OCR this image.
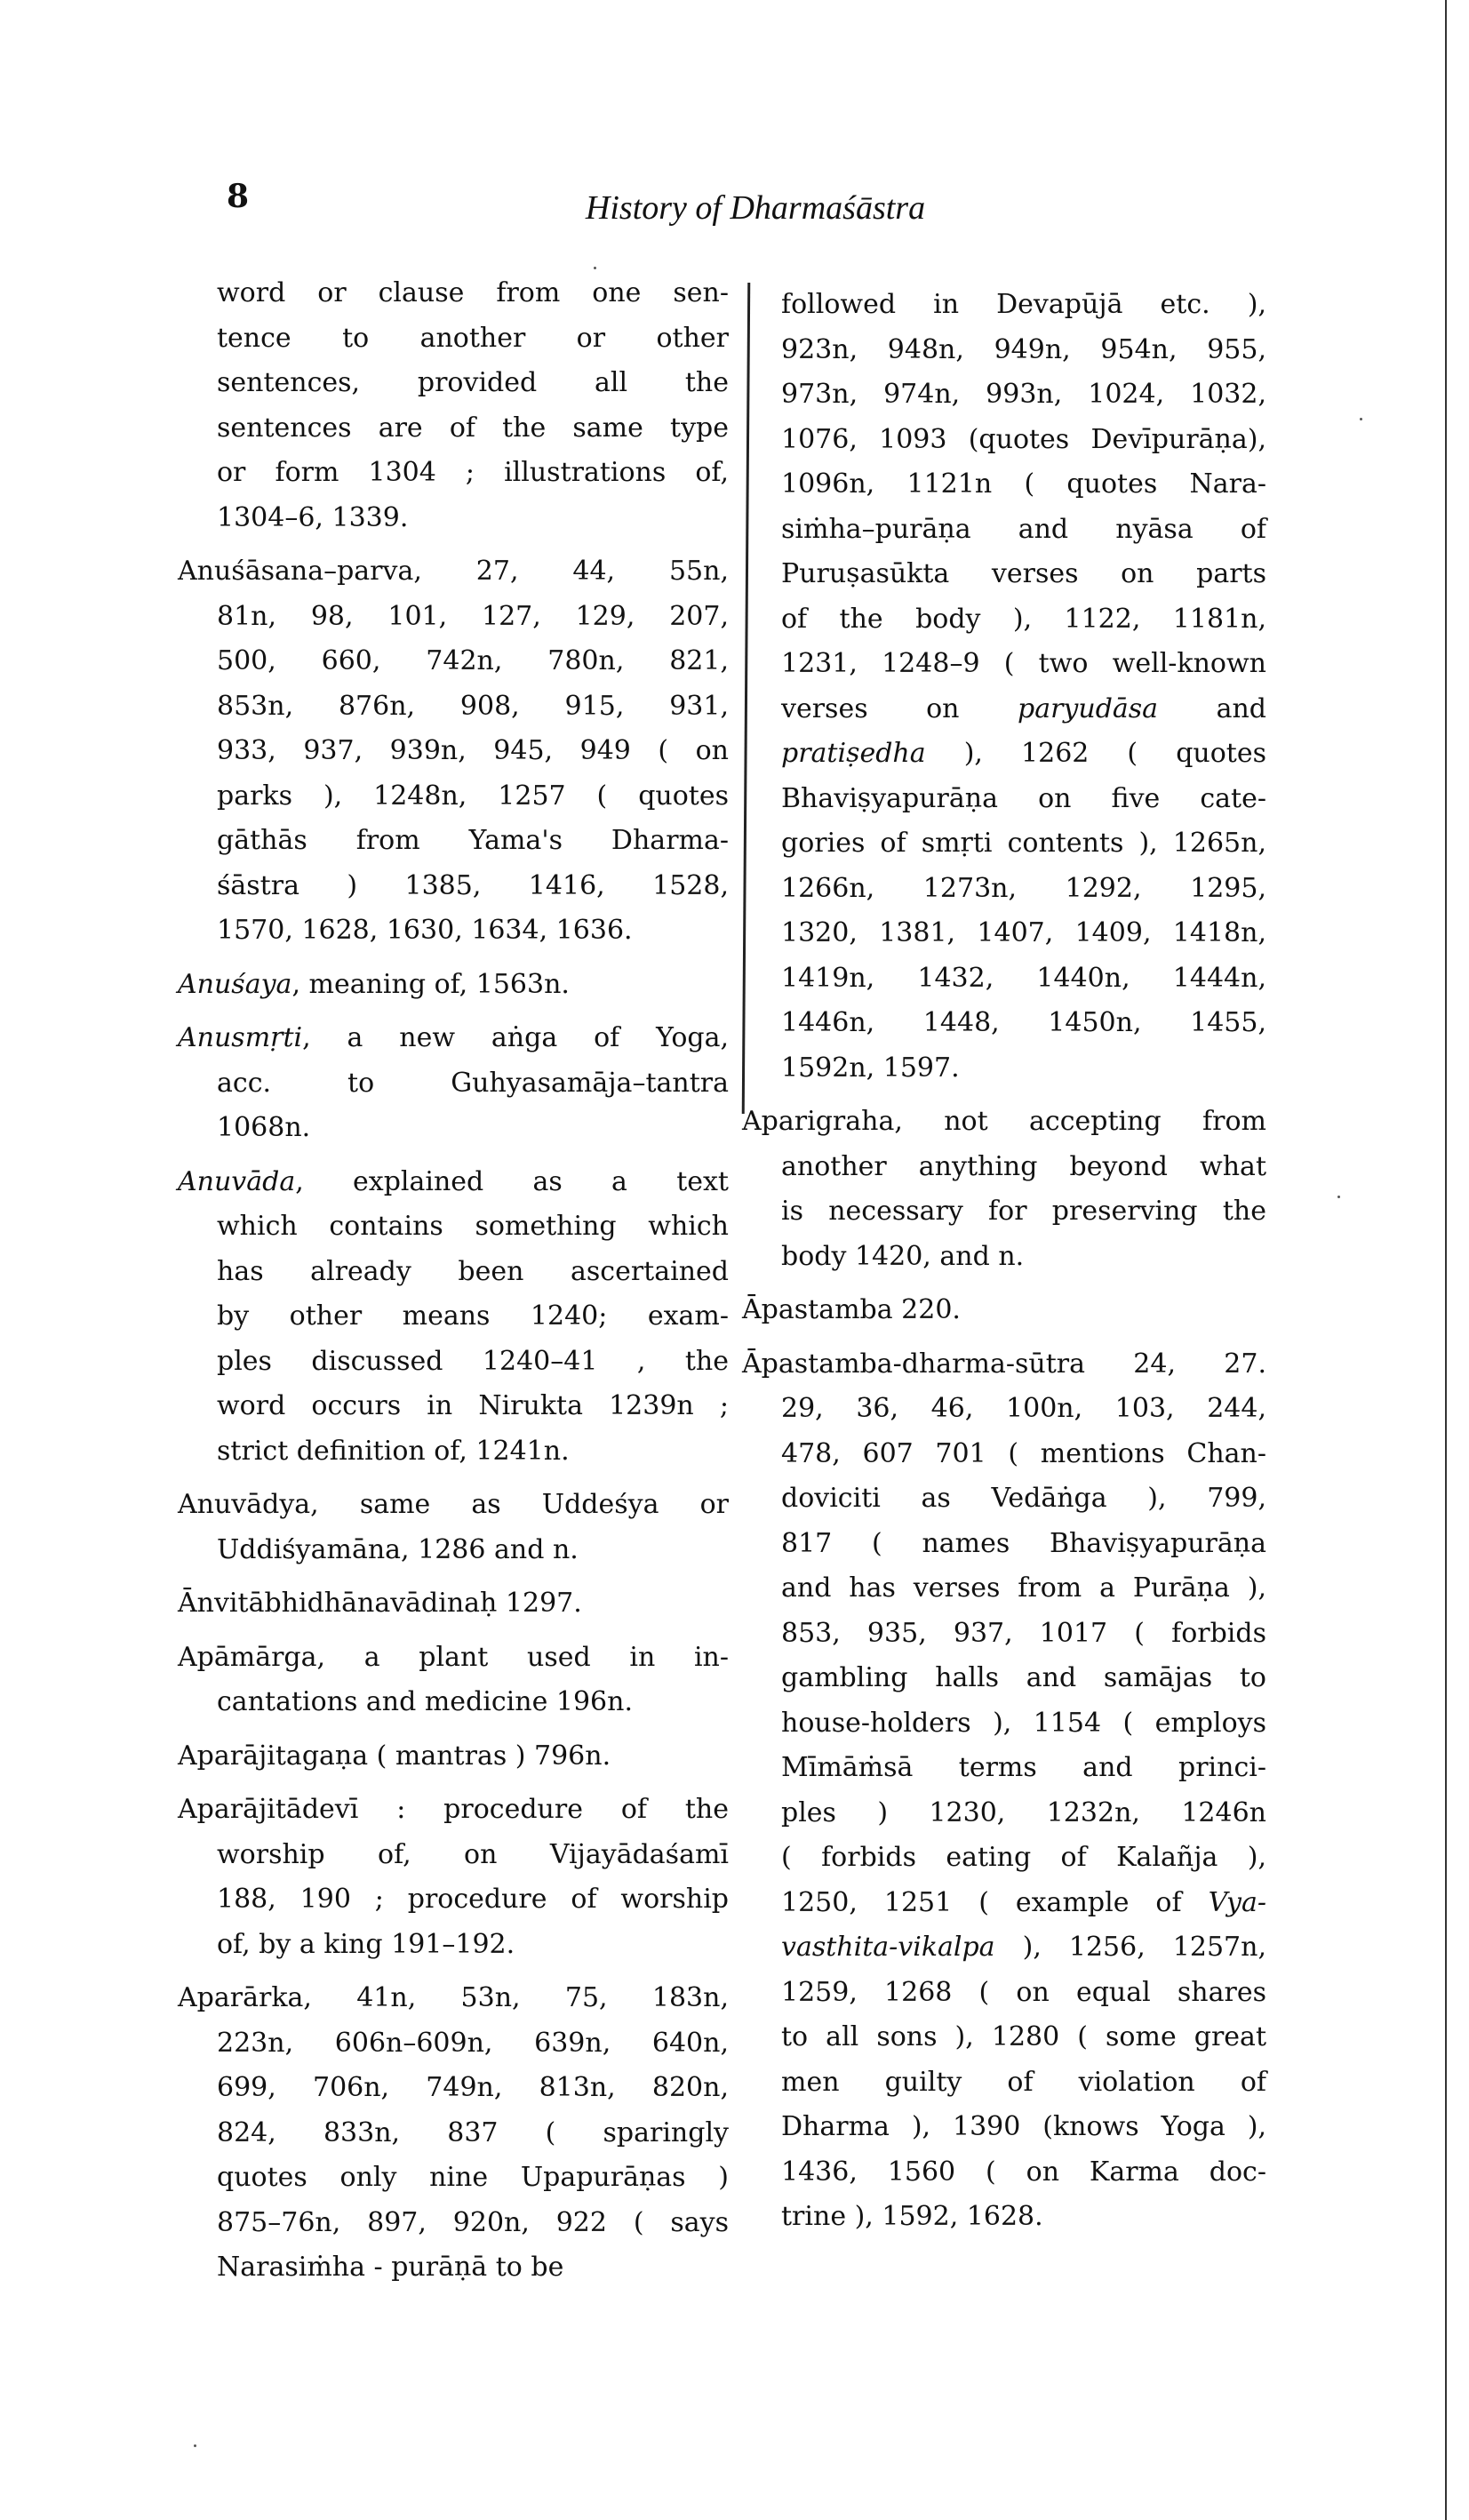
8	History of Dharmaśāstra
word or clause from one sen-
tence to another or other
sentences, provided all the
sentences are of the same type
or form 1304 ; illustrations of,
1304–6, 1339.
Anuśāsana–parva, 27, 44, 55n,
81n, 98, 101, 127, 129, 207,
500, 660, 742n, 780n, 821,
853n, 876n, 908, 915, 931,
933, 937, 939n, 945, 949 ( on
parks ), 1248n, 1257 ( quotes
gāthās from Yama's Dharma-
śāstra ) 1385, 1416, 1528,
1570, 1628, 1630, 1634, 1636.
Anuśaya, meaning of, 1563n.
Anusmṛti, a new aṅga of Yoga,
acc. to Guhyasamāja–tantra
1068n.
Anuvāda, explained as a text
which contains something which
has already been ascertained
by other means 1240; exam-
ples discussed 1240–41 , the
word occurs in Nirukta 1239n ;
strict definition of, 1241n.
Anuvādya, same as Uddeśya or
Uddiśyamāna, 1286 and n.
Ānvitābhidhānavādinaḥ 1297.
Apāmārga, a plant used in in-
cantations and medicine 196n.
Aparājitagaṇa ( mantras ) 796n.
Aparājitādevī : procedure of the
worship of, on Vijayādaśamī
188, 190 ; procedure of worship
of, by a king 191–192.
Aparārka, 41n, 53n, 75, 183n,
223n, 606n–609n, 639n, 640n,
699, 706n, 749n, 813n, 820n,
824, 833n, 837 ( sparingly
quotes only nine Upapurāṇas )
875–76n, 897, 920n, 922 ( says
Narasiṁha - purāṇā to be
followed in Devapūjā etc. ),
923n, 948n, 949n, 954n, 955,
973n, 974n, 993n, 1024, 1032,
1076, 1093 (quotes Devīpurāṇa),
1096n, 1121n ( quotes Nara-
siṁha–purāṇa and nyāsa of
Puruṣasūkta verses on parts
of the body ), 1122, 1181n,
1231, 1248–9 ( two well-known
verses on paryudāsa and
pratiṣedha ), 1262 ( quotes
Bhaviṣyapurāṇa on five cate-
gories of smṛti contents ), 1265n,
1266n, 1273n, 1292, 1295,
1320, 1381, 1407, 1409, 1418n,
1419n, 1432, 1440n, 1444n,
1446n, 1448, 1450n, 1455,
1592n, 1597.
Aparigraha, not accepting from
another anything beyond what
is necessary for preserving the
body 1420, and n.
Āpastamba 220.
Āpastamba-dharma-sūtra 24, 27.
29, 36, 46, 100n, 103, 244,
478, 607 701 ( mentions Chan-
doviciti as Vedāṅga ), 799,
817 ( names Bhaviṣyapurāṇa
and has verses from a Purāṇa ),
853, 935, 937, 1017 ( forbids
gambling halls and samājas to
house-holders ), 1154 ( employs
Mīmāṁsā terms and princi-
ples ) 1230, 1232n, 1246n
( forbids eating of Kalañja ),
1250, 1251 ( example of Vya-
vasthita-vikalpa ), 1256, 1257n,
1259, 1268 ( on equal shares
to all sons ), 1280 ( some great
men guilty of violation of
Dharma ), 1390 (knows Yoga ),
1436, 1560 ( on Karma doc-
trine ), 1592, 1628.
